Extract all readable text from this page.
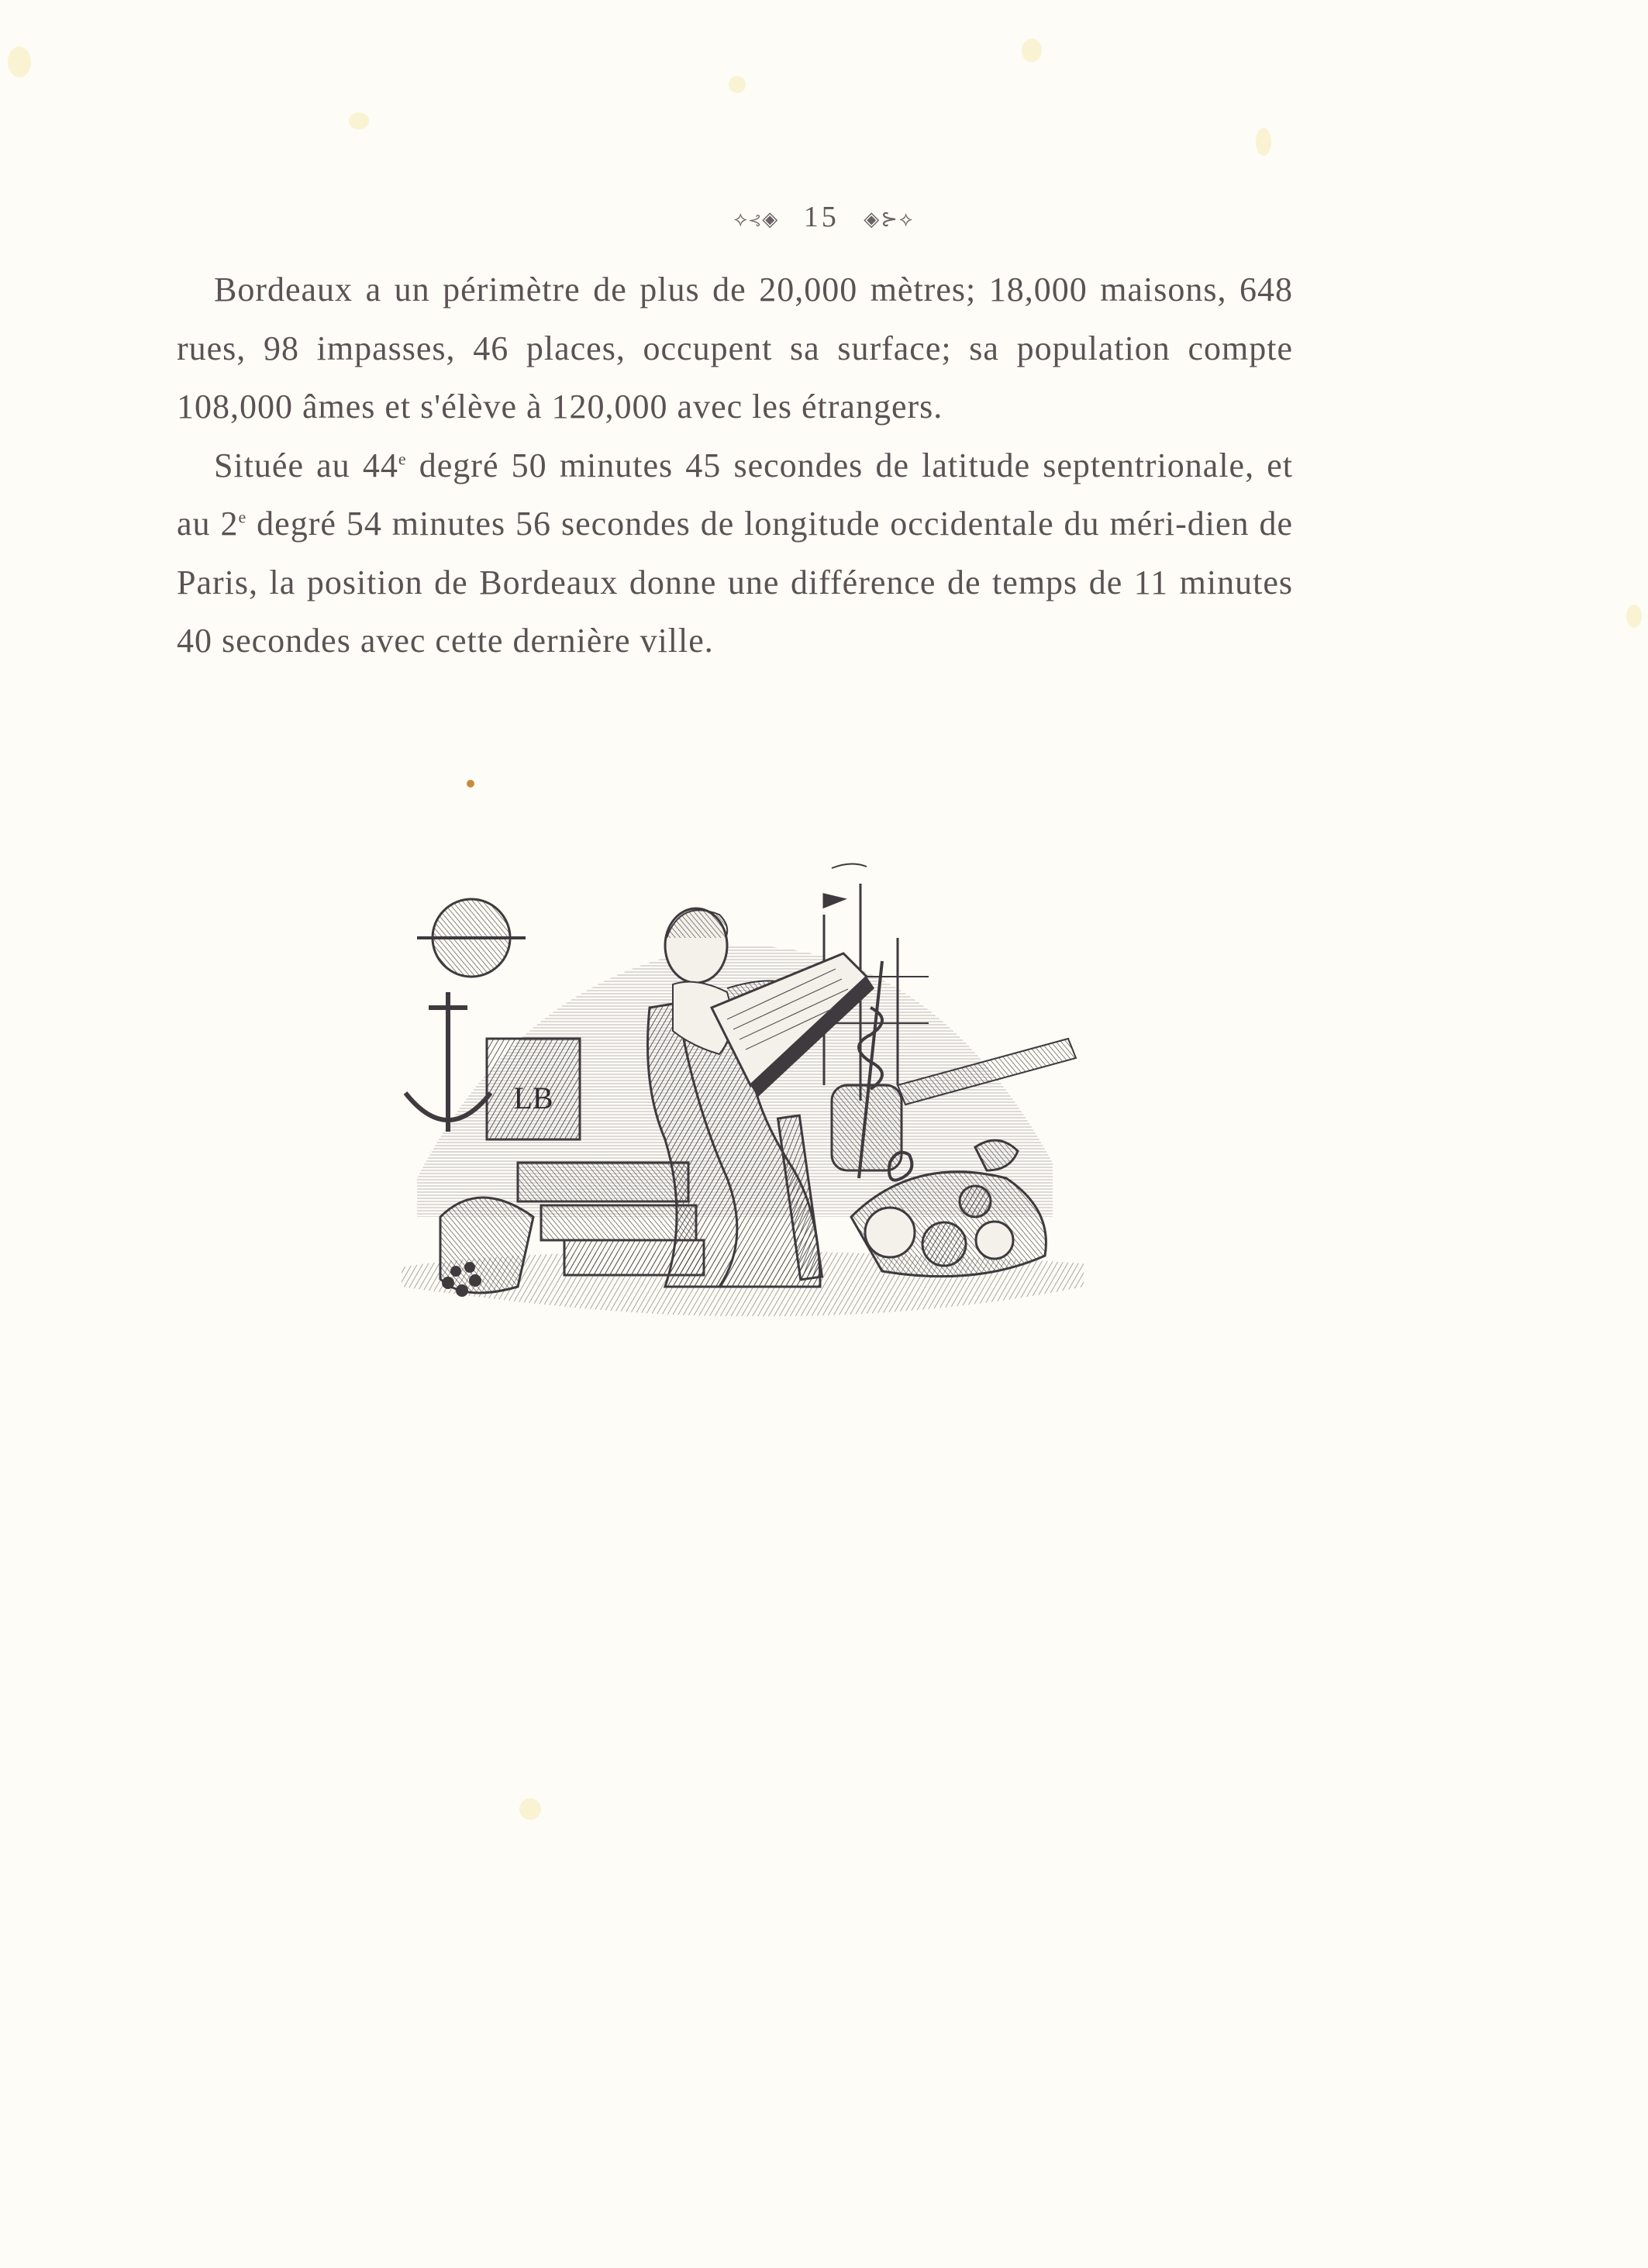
⟡⊰◈ 15 ◈⊱⟡

Bordeaux a un périmètre de plus de 20,000 mètres; 18,000 maisons, 648 rues, 98 impasses, 46 places, occupent sa surface; sa population compte 108,000 âmes et s'élève à 120,000 avec les étrangers.

Située au 44e degré 50 minutes 45 secondes de latitude septentrionale, et au 2e degré 54 minutes 56 secondes de longitude occidentale du méri-dien de Paris, la position de Bordeaux donne une différence de temps de 11 minutes 40 secondes avec cette dernière ville.

LB
